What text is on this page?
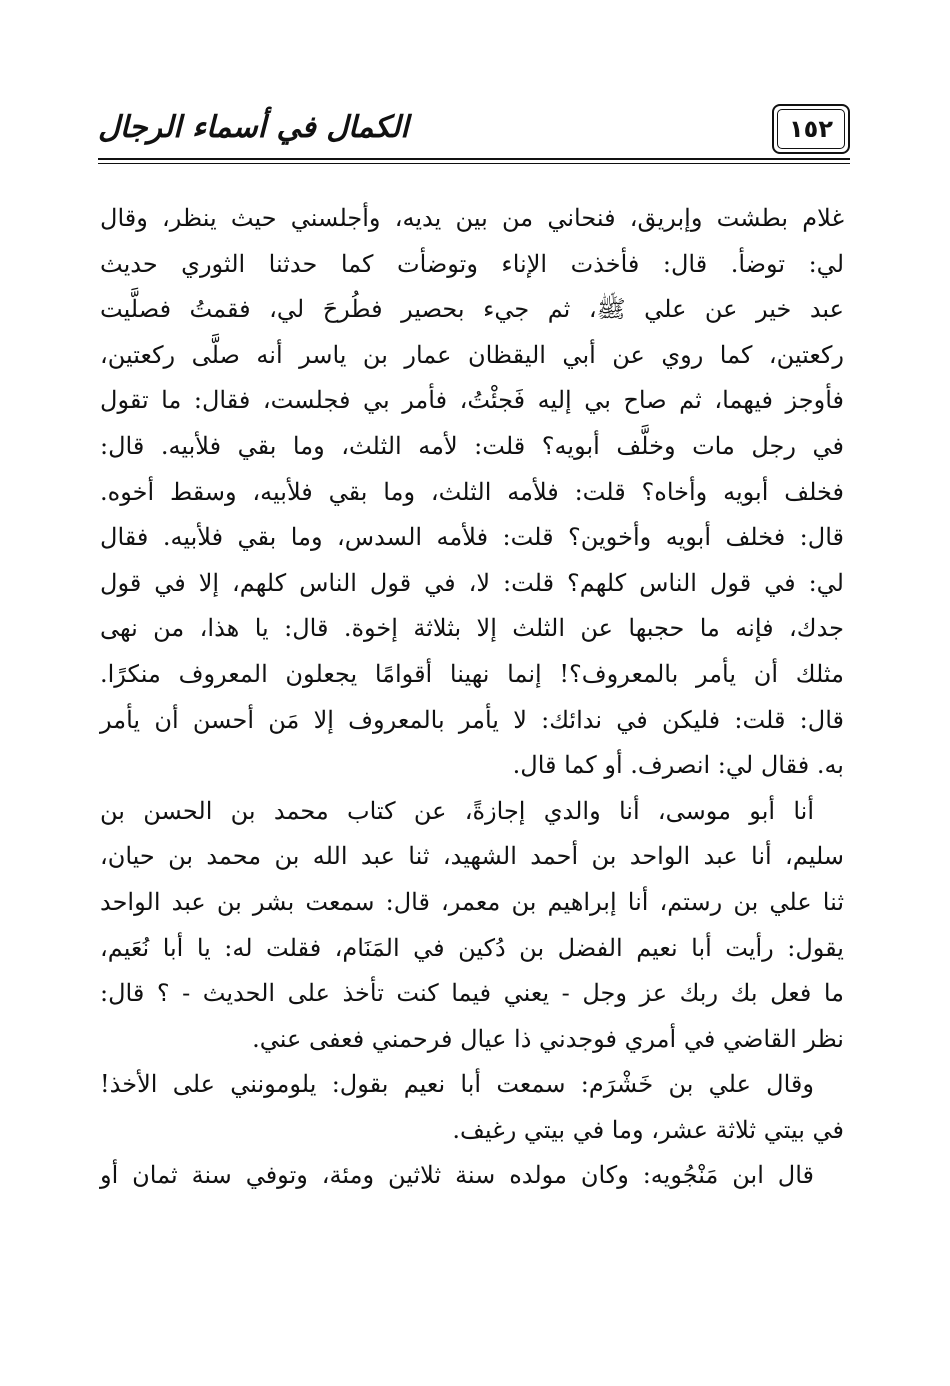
الكمال في أسماء الرجال	١٥٢
غلام بطشت وإبريق، فنحاني من بين يديه، وأجلسني حيث ينظر، وقال
لي: توضأ. قال: فأخذت الإناء وتوضأت كما حدثنا الثوري حديث
عبد خير عن علي ﷺ، ثم جيء بحصير فطُرحَ لي، فقمتُ فصلَّيت
ركعتين، كما روي عن أبي اليقظان عمار بن ياسر أنه صلَّى ركعتين،
فأوجز فيهما، ثم صاح بي إليه فَجئْتُ، فأمر بي فجلست، فقال: ما تقول
في رجل مات وخلَّف أبويه؟ قلت: لأمه الثلث، وما بقي فلأبيه. قال:
فخلف أبويه وأخاه؟ قلت: فلأمه الثلث، وما بقي فلأبيه، وسقط أخوه.
قال: فخلف أبويه وأخوين؟ قلت: فلأمه السدس، وما بقي فلأبيه. فقال
لي: في قول الناس كلهم؟ قلت: لا، في قول الناس كلهم، إلا في قول
جدك، فإنه ما حجبها عن الثلث إلا بثلاثة إخوة. قال: يا هذا، من نهى
مثلك أن يأمر بالمعروف؟! إنما نهينا أقوامًا يجعلون المعروف منكرًا.
قال: قلت: فليكن في ندائك: لا يأمر بالمعروف إلا مَن أحسن أن يأمر
به. فقال لي: انصرف. أو كما قال.
أنا أبو موسى، أنا والدي إجازةً، عن كتاب محمد بن الحسن بن
سليم، أنا عبد الواحد بن أحمد الشهيد، ثنا عبد الله بن محمد بن حيان،
ثنا علي بن رستم، أنا إبراهيم بن معمر، قال: سمعت بشر بن عبد الواحد
يقول: رأيت أبا نعيم الفضل بن دُكين في المَنَام، فقلت له: يا أبا نُعَيم،
ما فعل بك ربك عز وجل - يعني فيما كنت تأخذ على الحديث - ؟ قال:
نظر القاضي في أمري فوجدني ذا عيال فرحمني فعفى عني.
وقال علي بن خَشْرَم: سمعت أبا نعيم بقول: يلومونني على الأخذ!
في بيتي ثلاثة عشر، وما في بيتي رغيف.
قال ابن مَنْجُويه: وكان مولده سنة ثلاثين ومئة، وتوفي سنة ثمان أو
